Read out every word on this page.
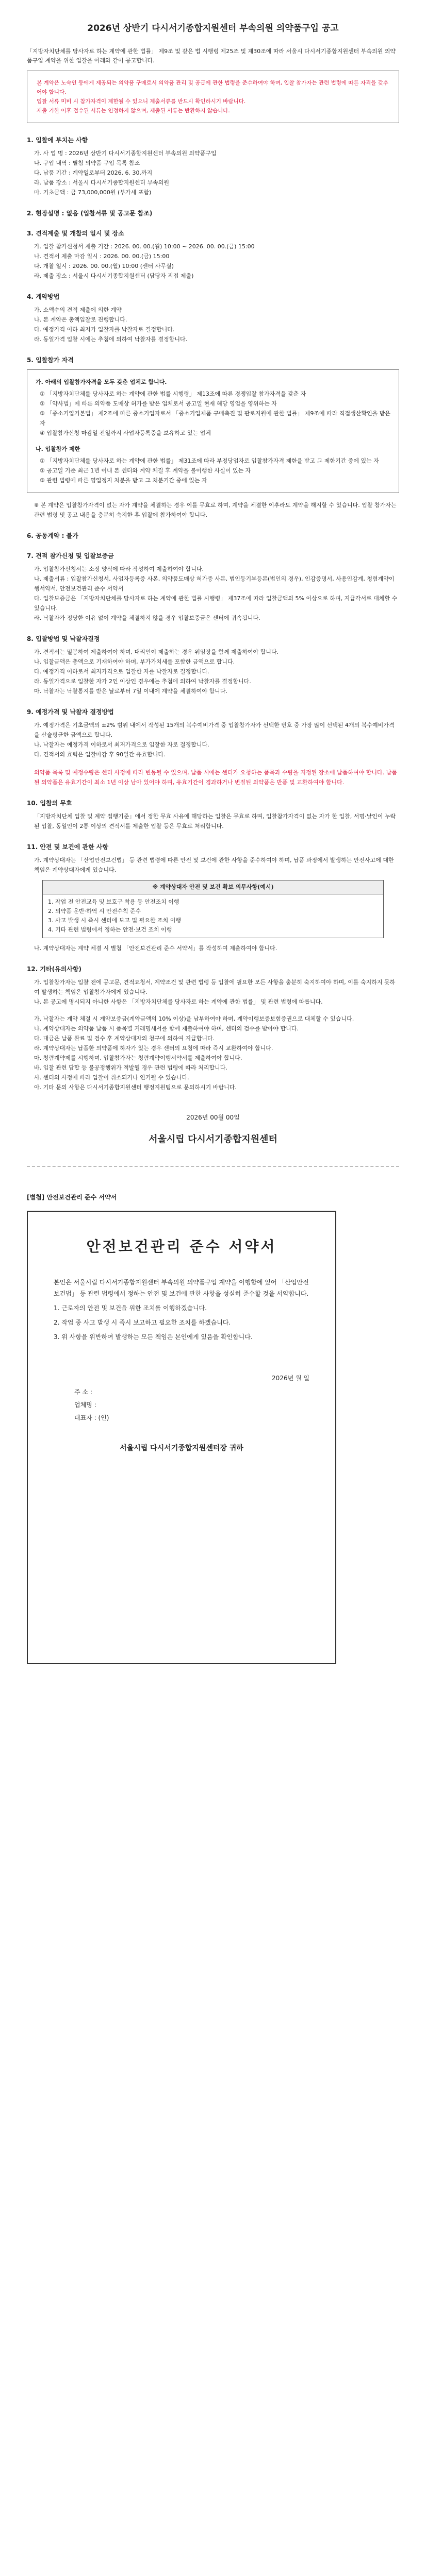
2026년 상반기 다시서기종합지원센터 부속의원 의약품구입 공고

「지방자치단체를 당사자로 하는 계약에 관한 법률」 제9조 및 같은 법 시행령 제25조 및 제30조에 따라 서울시 다시서기종합지원센터 부속의원 의약품구입 계약을 위한 입찰을 아래와 같이 공고합니다.

본 계약은 노숙인 등에게 제공되는 의약품 구매로서 의약품 관리 및 공급에 관한 법령을 준수하여야 하며, 입찰 참가자는 관련 법령에 따른 자격을 갖추어야 합니다.

입찰 서류 미비 시 참가자격이 제한될 수 있으니 제출서류를 반드시 확인하시기 바랍니다.

제출 기한 이후 접수된 서류는 인정하지 않으며, 제출된 서류는 반환하지 않습니다.

1. 입찰에 부치는 사항

가. 사 업 명 : 2026년 상반기 다시서기종합지원센터 부속의원 의약품구입

나. 구입 내역 : 별첨 의약품 구입 목록 참조

다. 납품 기간 : 계약일로부터 2026. 6. 30.까지

라. 납품 장소 : 서울시 다시서기종합지원센터 부속의원

마. 기초금액 : 금 73,000,000원 (부가세 포함)

2. 현장설명 : 없음 (입찰서류 및 공고문 참조)
3. 견적제출 및 개찰의 일시 및 장소

가. 입찰 참가신청서 제출 기간 : 2026. 00. 00.(월) 10:00 ~ 2026. 00. 00.(금) 15:00

나. 견적서 제출 마감 일시 : 2026. 00. 00.(금) 15:00

다. 개찰 일시 : 2026. 00. 00.(월) 10:00 (센터 사무실)

라. 제출 장소 : 서울시 다시서기종합지원센터 (담당자 직접 제출)

4. 계약방법

가. 소액수의 견적 제출에 의한 계약

나. 본 계약은 총액입찰로 진행합니다.

다. 예정가격 이하 최저가 입찰자를 낙찰자로 결정합니다.

라. 동일가격 입찰 시에는 추첨에 의하여 낙찰자를 결정합니다.

5. 입찰참가 자격

가. 아래의 입찰참가자격을 모두 갖춘 업체로 합니다.

① 「지방자치단체를 당사자로 하는 계약에 관한 법률 시행령」 제13조에 따른 경쟁입찰 참가자격을 갖춘 자

② 「약사법」에 따른 의약품 도매상 허가를 받은 업체로서 공고일 현재 해당 영업을 영위하는 자

③ 「중소기업기본법」 제2조에 따른 중소기업자로서 「중소기업제품 구매촉진 및 판로지원에 관한 법률」 제9조에 따라 직접생산확인을 받은 자

④ 입찰참가신청 마감일 전일까지 사업자등록증을 보유하고 있는 업체

나. 입찰참가 제한

① 「지방자치단체를 당사자로 하는 계약에 관한 법률」 제31조에 따라 부정당업자로 입찰참가자격 제한을 받고 그 제한기간 중에 있는 자

② 공고일 기준 최근 1년 이내 본 센터와 계약 체결 후 계약을 불이행한 사실이 있는 자

③ 관련 법령에 따른 영업정지 처분을 받고 그 처분기간 중에 있는 자

※ 본 계약은 입찰참가자격이 없는 자가 계약을 체결하는 경우 이를 무효로 하며, 계약을 체결한 이후라도 계약을 해지할 수 있습니다. 입찰 참가자는 관련 법령 및 공고 내용을 충분히 숙지한 후 입찰에 참가하여야 합니다.

6. 공동계약 : 불가
7. 견적 참가신청 및 입찰보증금

가. 입찰참가신청서는 소정 양식에 따라 작성하여 제출하여야 합니다.

나. 제출서류 : 입찰참가신청서, 사업자등록증 사본, 의약품도매상 허가증 사본, 법인등기부등본(법인의 경우), 인감증명서, 사용인감계, 청렴계약이행서약서, 안전보건관리 준수 서약서

다. 입찰보증금은 「지방자치단체를 당사자로 하는 계약에 관한 법률 시행령」 제37조에 따라 입찰금액의 5% 이상으로 하며, 지급각서로 대체할 수 있습니다.

라. 낙찰자가 정당한 이유 없이 계약을 체결하지 않을 경우 입찰보증금은 센터에 귀속됩니다.

8. 입찰방법 및 낙찰자결정

가. 견적서는 밀봉하여 제출하여야 하며, 대리인이 제출하는 경우 위임장을 함께 제출하여야 합니다.

나. 입찰금액은 총액으로 기재하여야 하며, 부가가치세를 포함한 금액으로 합니다.

다. 예정가격 이하로서 최저가격으로 입찰한 자를 낙찰자로 결정합니다.

라. 동일가격으로 입찰한 자가 2인 이상인 경우에는 추첨에 의하여 낙찰자를 결정합니다.

마. 낙찰자는 낙찰통지를 받은 날로부터 7일 이내에 계약을 체결하여야 합니다.

9. 예정가격 및 낙찰자 결정방법

가. 예정가격은 기초금액의 ±2% 범위 내에서 작성된 15개의 복수예비가격 중 입찰참가자가 선택한 번호 중 가장 많이 선택된 4개의 복수예비가격을 산술평균한 금액으로 합니다.

나. 낙찰자는 예정가격 이하로서 최저가격으로 입찰한 자로 결정합니다.

다. 견적서의 효력은 입찰마감 후 90일간 유효합니다.

의약품 목록 및 예정수량은 센터 사정에 따라 변동될 수 있으며, 납품 시에는 센터가 요청하는 품목과 수량을 지정된 장소에 납품하여야 합니다. 납품된 의약품은 유효기간이 최소 1년 이상 남아 있어야 하며, 유효기간이 경과하거나 변질된 의약품은 반품 및 교환하여야 합니다.

10. 입찰의 무효

「지방자치단체 입찰 및 계약 집행기준」에서 정한 무효 사유에 해당하는 입찰은 무효로 하며, 입찰참가자격이 없는 자가 한 입찰, 서명·날인이 누락된 입찰, 동일인이 2통 이상의 견적서를 제출한 입찰 등은 무효로 처리합니다.

11. 안전 및 보건에 관한 사항

가. 계약상대자는 「산업안전보건법」 등 관련 법령에 따른 안전 및 보건에 관한 사항을 준수하여야 하며, 납품 과정에서 발생하는 안전사고에 대한 책임은 계약상대자에게 있습니다.

※ 계약상대자 안전 및 보건 확보 의무사항(예시)

1. 작업 전 안전교육 및 보호구 착용 등 안전조치 이행

2. 의약품 운반·하역 시 안전수칙 준수

3. 사고 발생 시 즉시 센터에 보고 및 필요한 조치 이행

4. 기타 관련 법령에서 정하는 안전·보건 조치 이행

나. 계약상대자는 계약 체결 시 별첨 「안전보건관리 준수 서약서」를 작성하여 제출하여야 합니다.

12. 기타(유의사항)

가. 입찰참가자는 입찰 전에 공고문, 견적요청서, 계약조건 및 관련 법령 등 입찰에 필요한 모든 사항을 충분히 숙지하여야 하며, 이를 숙지하지 못하여 발생하는 책임은 입찰참가자에게 있습니다.

나. 본 공고에 명시되지 아니한 사항은 「지방자치단체를 당사자로 하는 계약에 관한 법률」 및 관련 법령에 따릅니다.

가. 낙찰자는 계약 체결 시 계약보증금(계약금액의 10% 이상)을 납부하여야 하며, 계약이행보증보험증권으로 대체할 수 있습니다.

나. 계약상대자는 의약품 납품 시 품목별 거래명세서를 함께 제출하여야 하며, 센터의 검수를 받아야 합니다.

다. 대금은 납품 완료 및 검수 후 계약상대자의 청구에 의하여 지급합니다.

라. 계약상대자는 납품한 의약품에 하자가 있는 경우 센터의 요청에 따라 즉시 교환하여야 합니다.

마. 청렴계약제를 시행하며, 입찰참가자는 청렴계약이행서약서를 제출하여야 합니다.

바. 입찰 관련 담합 등 불공정행위가 적발될 경우 관련 법령에 따라 처리합니다.

사. 센터의 사정에 따라 입찰이 취소되거나 연기될 수 있습니다.

아. 기타 문의 사항은 다시서기종합지원센터 행정지원팀으로 문의하시기 바랍니다.

2026년 00월 00일
서울시립 다시서기종합지원센터
[별첨] 안전보건관리 준수 서약서
안전보건관리 준수 서약서

본인은 서울시립 다시서기종합지원센터 부속의원 의약품구입 계약을 이행함에 있어 「산업안전보건법」 등 관련 법령에서 정하는 안전 및 보건에 관한 사항을 성실히 준수할 것을 서약합니다.

1. 근로자의 안전 및 보건을 위한 조치를 이행하겠습니다.

2. 작업 중 사고 발생 시 즉시 보고하고 필요한 조치를 하겠습니다.

3. 위 사항을 위반하여 발생하는 모든 책임은 본인에게 있음을 확인합니다.

2026년 월 일

주 소 :

업체명 :

대표자 : (인)

서울시립 다시서기종합지원센터장 귀하
